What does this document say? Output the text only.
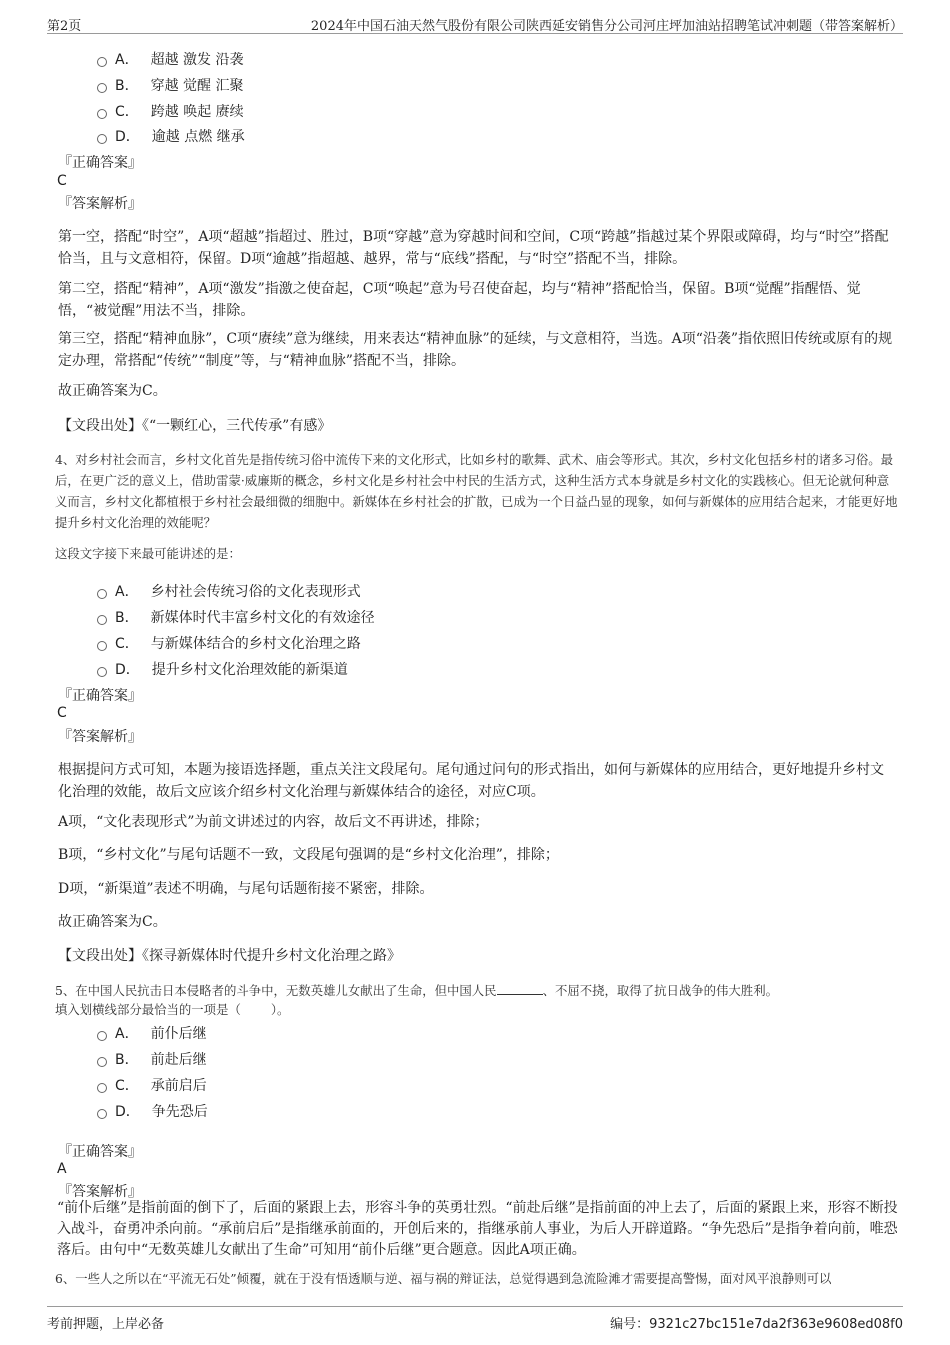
第2页	2024年中国石油天然气股份有限公司陕西延安销售分公司河庄坪加油站招聘笔试冲刺题（带答案解析）
A． 超越 激发 沿袭
B． 穿越 觉醒 汇聚
C． 跨越 唤起 赓续
D． 逾越 点燃 继承
『正确答案』
C
『答案解析』
第一空，搭配“时空”，A项“超越”指超过、胜过，B项“穿越”意为穿越时间和空间，C项“跨越”指越过某个界限或障碍，均与“时空”搭配恰当，且与文意相符，保留。D项“逾越”指超越、越界，常与“底线”搭配，与“时空”搭配不当，排除。
第二空，搭配“精神”，A项“激发”指激之使奋起，C项“唤起”意为号召使奋起，均与“精神”搭配恰当，保留。B项“觉醒”指醒悟、觉悟，“被觉醒”用法不当，排除。
第三空，搭配“精神血脉”，C项“赓续”意为继续，用来表达“精神血脉”的延续，与文意相符，当选。A项“沿袭”指依照旧传统或原有的规定办理，常搭配“传统”“制度”等，与“精神血脉”搭配不当，排除。
故正确答案为C。
【文段出处】《“一颗红心，三代传承”有感》
4、对乡村社会而言，乡村文化首先是指传统习俗中流传下来的文化形式，比如乡村的歌舞、武术、庙会等形式。其次，乡村文化包括乡村的诸多习俗。最后，在更广泛的意义上，借助雷蒙·威廉斯的概念，乡村文化是乡村社会中村民的生活方式，这种生活方式本身就是乡村文化的实践核心。但无论就何种意义而言，乡村文化都植根于乡村社会最细微的细胞中。新媒体在乡村社会的扩散，已成为一个日益凸显的现象，如何与新媒体的应用结合起来，才能更好地提升乡村文化治理的效能呢？
这段文字接下来最可能讲述的是：
A． 乡村社会传统习俗的文化表现形式
B． 新媒体时代丰富乡村文化的有效途径
C． 与新媒体结合的乡村文化治理之路
D． 提升乡村文化治理效能的新渠道
『正确答案』
C
『答案解析』
根据提问方式可知，本题为接语选择题，重点关注文段尾句。尾句通过问句的形式指出，如何与新媒体的应用结合，更好地提升乡村文化治理的效能，故后文应该介绍乡村文化治理与新媒体结合的途径，对应C项。
A项，“文化表现形式”为前文讲述过的内容，故后文不再讲述，排除；
B项，“乡村文化”与尾句话题不一致，文段尾句强调的是“乡村文化治理”，排除；
D项，“新渠道”表述不明确，与尾句话题衔接不紧密，排除。
故正确答案为C。
【文段出处】《探寻新媒体时代提升乡村文化治理之路》
5、在中国人民抗击日本侵略者的斗争中，无数英雄儿女献出了生命，但中国人民	、不屈不挠，取得了抗日战争的伟大胜利。
填入划横线部分最恰当的一项是（ ）。
A． 前仆后继
B． 前赴后继
C． 承前启后
D． 争先恐后
『正确答案』
A
『答案解析』
“前仆后继”是指前面的倒下了，后面的紧跟上去，形容斗争的英勇壮烈。“前赴后继”是指前面的冲上去了，后面的紧跟上来，形容不断投入战斗，奋勇冲杀向前。“承前启后”是指继承前面的，开创后来的，指继承前人事业，为后人开辟道路。“争先恐后”是指争着向前，唯恐落后。由句中“无数英雄儿女献出了生命”可知用“前仆后继”更合题意。因此A项正确。
6、一些人之所以在“平流无石处”倾覆，就在于没有悟透顺与逆、福与祸的辩证法，总觉得遇到急流险滩才需要提高警惕，面对风平浪静则可以
考前押题，上岸必备	编号：9321c27bc151e7da2f363e9608ed08f0
